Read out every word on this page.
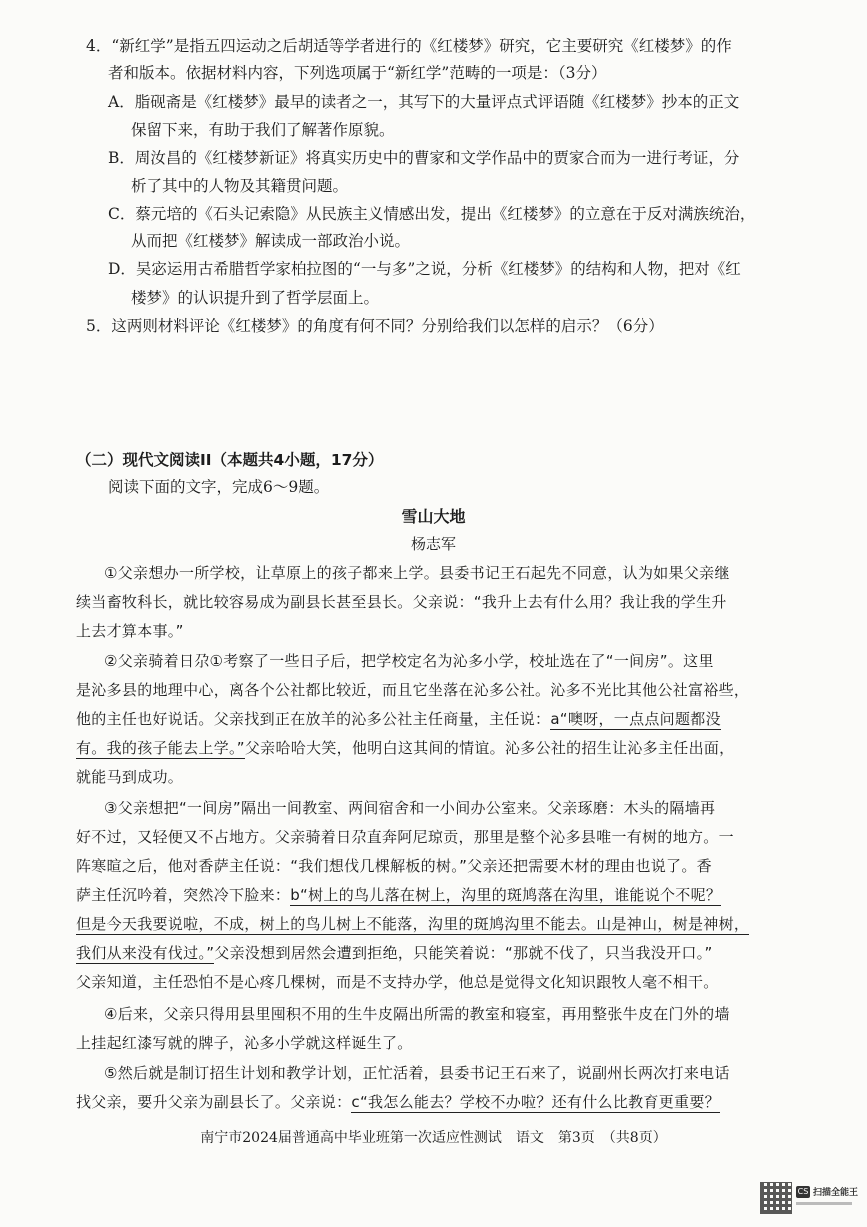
4．“新红学”是指五四运动之后胡适等学者进行的《红楼梦》研究，它主要研究《红楼梦》的作
者和版本。依据材料内容，下列选项属于“新红学”范畴的一项是：（3分）
A．脂砚斋是《红楼梦》最早的读者之一，其写下的大量评点式评语随《红楼梦》抄本的正文
保留下来，有助于我们了解著作原貌。
B．周汝昌的《红楼梦新证》将真实历史中的曹家和文学作品中的贾家合而为一进行考证，分
析了其中的人物及其籍贯问题。
C．蔡元培的《石头记索隐》从民族主义情感出发，提出《红楼梦》的立意在于反对满族统治，
从而把《红楼梦》解读成一部政治小说。
D．吴宓运用古希腊哲学家柏拉图的“一与多”之说，分析《红楼梦》的结构和人物，把对《红
楼梦》的认识提升到了哲学层面上。
5．这两则材料评论《红楼梦》的角度有何不同？分别给我们以怎样的启示？（6分）
（二）现代文阅读II（本题共4小题，17分）
阅读下面的文字，完成6～9题。
雪山大地
杨志军
①父亲想办一所学校，让草原上的孩子都来上学。县委书记王石起先不同意，认为如果父亲继
续当畜牧科长，就比较容易成为副县长甚至县长。父亲说：“我升上去有什么用？我让我的学生升
上去才算本事。”
②父亲骑着日尕①考察了一些日子后，把学校定名为沁多小学，校址选在了“一间房”。这里
是沁多县的地理中心，离各个公社都比较近，而且它坐落在沁多公社。沁多不光比其他公社富裕些，
他的主任也好说话。父亲找到正在放羊的沁多公社主任商量，主任说：a“噢呀，一点点问题都没
有。我的孩子能去上学。”父亲哈哈大笑，他明白这其间的情谊。沁多公社的招生让沁多主任出面，
就能马到成功。
③父亲想把“一间房”隔出一间教室、两间宿舍和一小间办公室来。父亲琢磨：木头的隔墙再
好不过，又轻便又不占地方。父亲骑着日尕直奔阿尼琼贡，那里是整个沁多县唯一有树的地方。一
阵寒暄之后，他对香萨主任说：“我们想伐几棵解板的树。”父亲还把需要木材的理由也说了。香
萨主任沉吟着，突然冷下脸来：b“树上的鸟儿落在树上，沟里的斑鸠落在沟里，谁能说个不呢？
但是今天我要说啦，不成，树上的鸟儿树上不能落，沟里的斑鸠沟里不能去。山是神山，树是神树，
我们从来没有伐过。”父亲没想到居然会遭到拒绝，只能笑着说：“那就不伐了，只当我没开口。”
父亲知道，主任恐怕不是心疼几棵树，而是不支持办学，他总是觉得文化知识跟牧人毫不相干。
④后来，父亲只得用县里囤积不用的生牛皮隔出所需的教室和寝室，再用整张牛皮在门外的墙
上挂起红漆写就的牌子，沁多小学就这样诞生了。
⑤然后就是制订招生计划和教学计划，正忙活着，县委书记王石来了，说副州长两次打来电话
找父亲，要升父亲为副县长了。父亲说：c“我怎么能去？学校不办啦？还有什么比教育更重要？
南宁市2024届普通高中毕业班第一次适应性测试　语文　第3页　（共8页）
CS 扫描全能王
